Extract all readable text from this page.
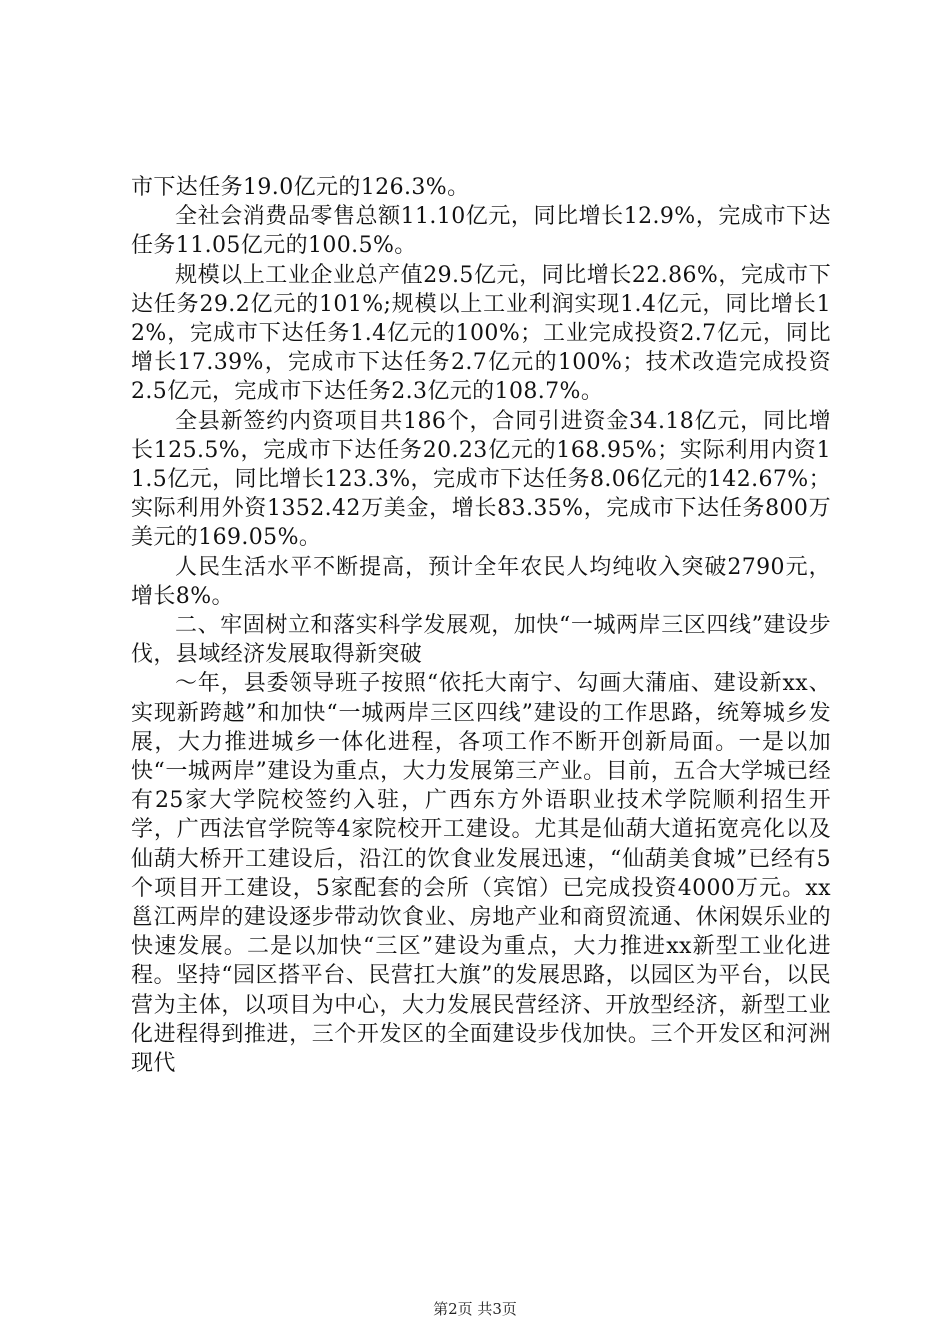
市下达任务19.0亿元的126.3%。

全社会消费品零售总额11.10亿元，同比增长12.9%，完成市下达任务11.05亿元的100.5%。

规模以上工业企业总产值29.5亿元，同比增长22.86%，完成市下达任务29.2亿元的101%;规模以上工业利润实现1.4亿元，同比增长12%，完成市下达任务1.4亿元的100%；工业完成投资2.7亿元，同比增长17.39%，完成市下达任务2.7亿元的100%；技术改造完成投资2.5亿元，完成市下达任务2.3亿元的108.7%。

全县新签约内资项目共186个，合同引进资金34.18亿元，同比增长125.5%，完成市下达任务20.23亿元的168.95%；实际利用内资11.5亿元，同比增长123.3%，完成市下达任务8.06亿元的142.67%；实际利用外资1352.42万美金，增长83.35%，完成市下达任务800万美元的169.05%。

人民生活水平不断提高，预计全年农民人均纯收入突破2790元，增长8%。

二、牢固树立和落实科学发展观，加快“一城两岸三区四线”建设步伐，县域经济发展取得新突破

～年，县委领导班子按照“依托大南宁、勾画大蒲庙、建设新xx、实现新跨越”和加快“一城两岸三区四线”建设的工作思路，统筹城乡发展，大力推进城乡一体化进程，各项工作不断开创新局面。一是以加快“一城两岸”建设为重点，大力发展第三产业。目前，五合大学城已经有25家大学院校签约入驻，广西东方外语职业技术学院顺利招生开学，广西法官学院等4家院校开工建设。尤其是仙葫大道拓宽亮化以及仙葫大桥开工建设后，沿江的饮食业发展迅速，“仙葫美食城”已经有5个项目开工建设，5家配套的会所（宾馆）已完成投资4000万元。xx邕江两岸的建设逐步带动饮食业、房地产业和商贸流通、休闲娱乐业的快速发展。二是以加快“三区”建设为重点，大力推进xx新型工业化进程。坚持“园区搭平台、民营扛大旗”的发展思路，以园区为平台，以民营为主体，以项目为中心，大力发展民营经济、开放型经济，新型工业化进程得到推进，三个开发区的全面建设步伐加快。三个开发区和河洲现代

第2页 共3页
